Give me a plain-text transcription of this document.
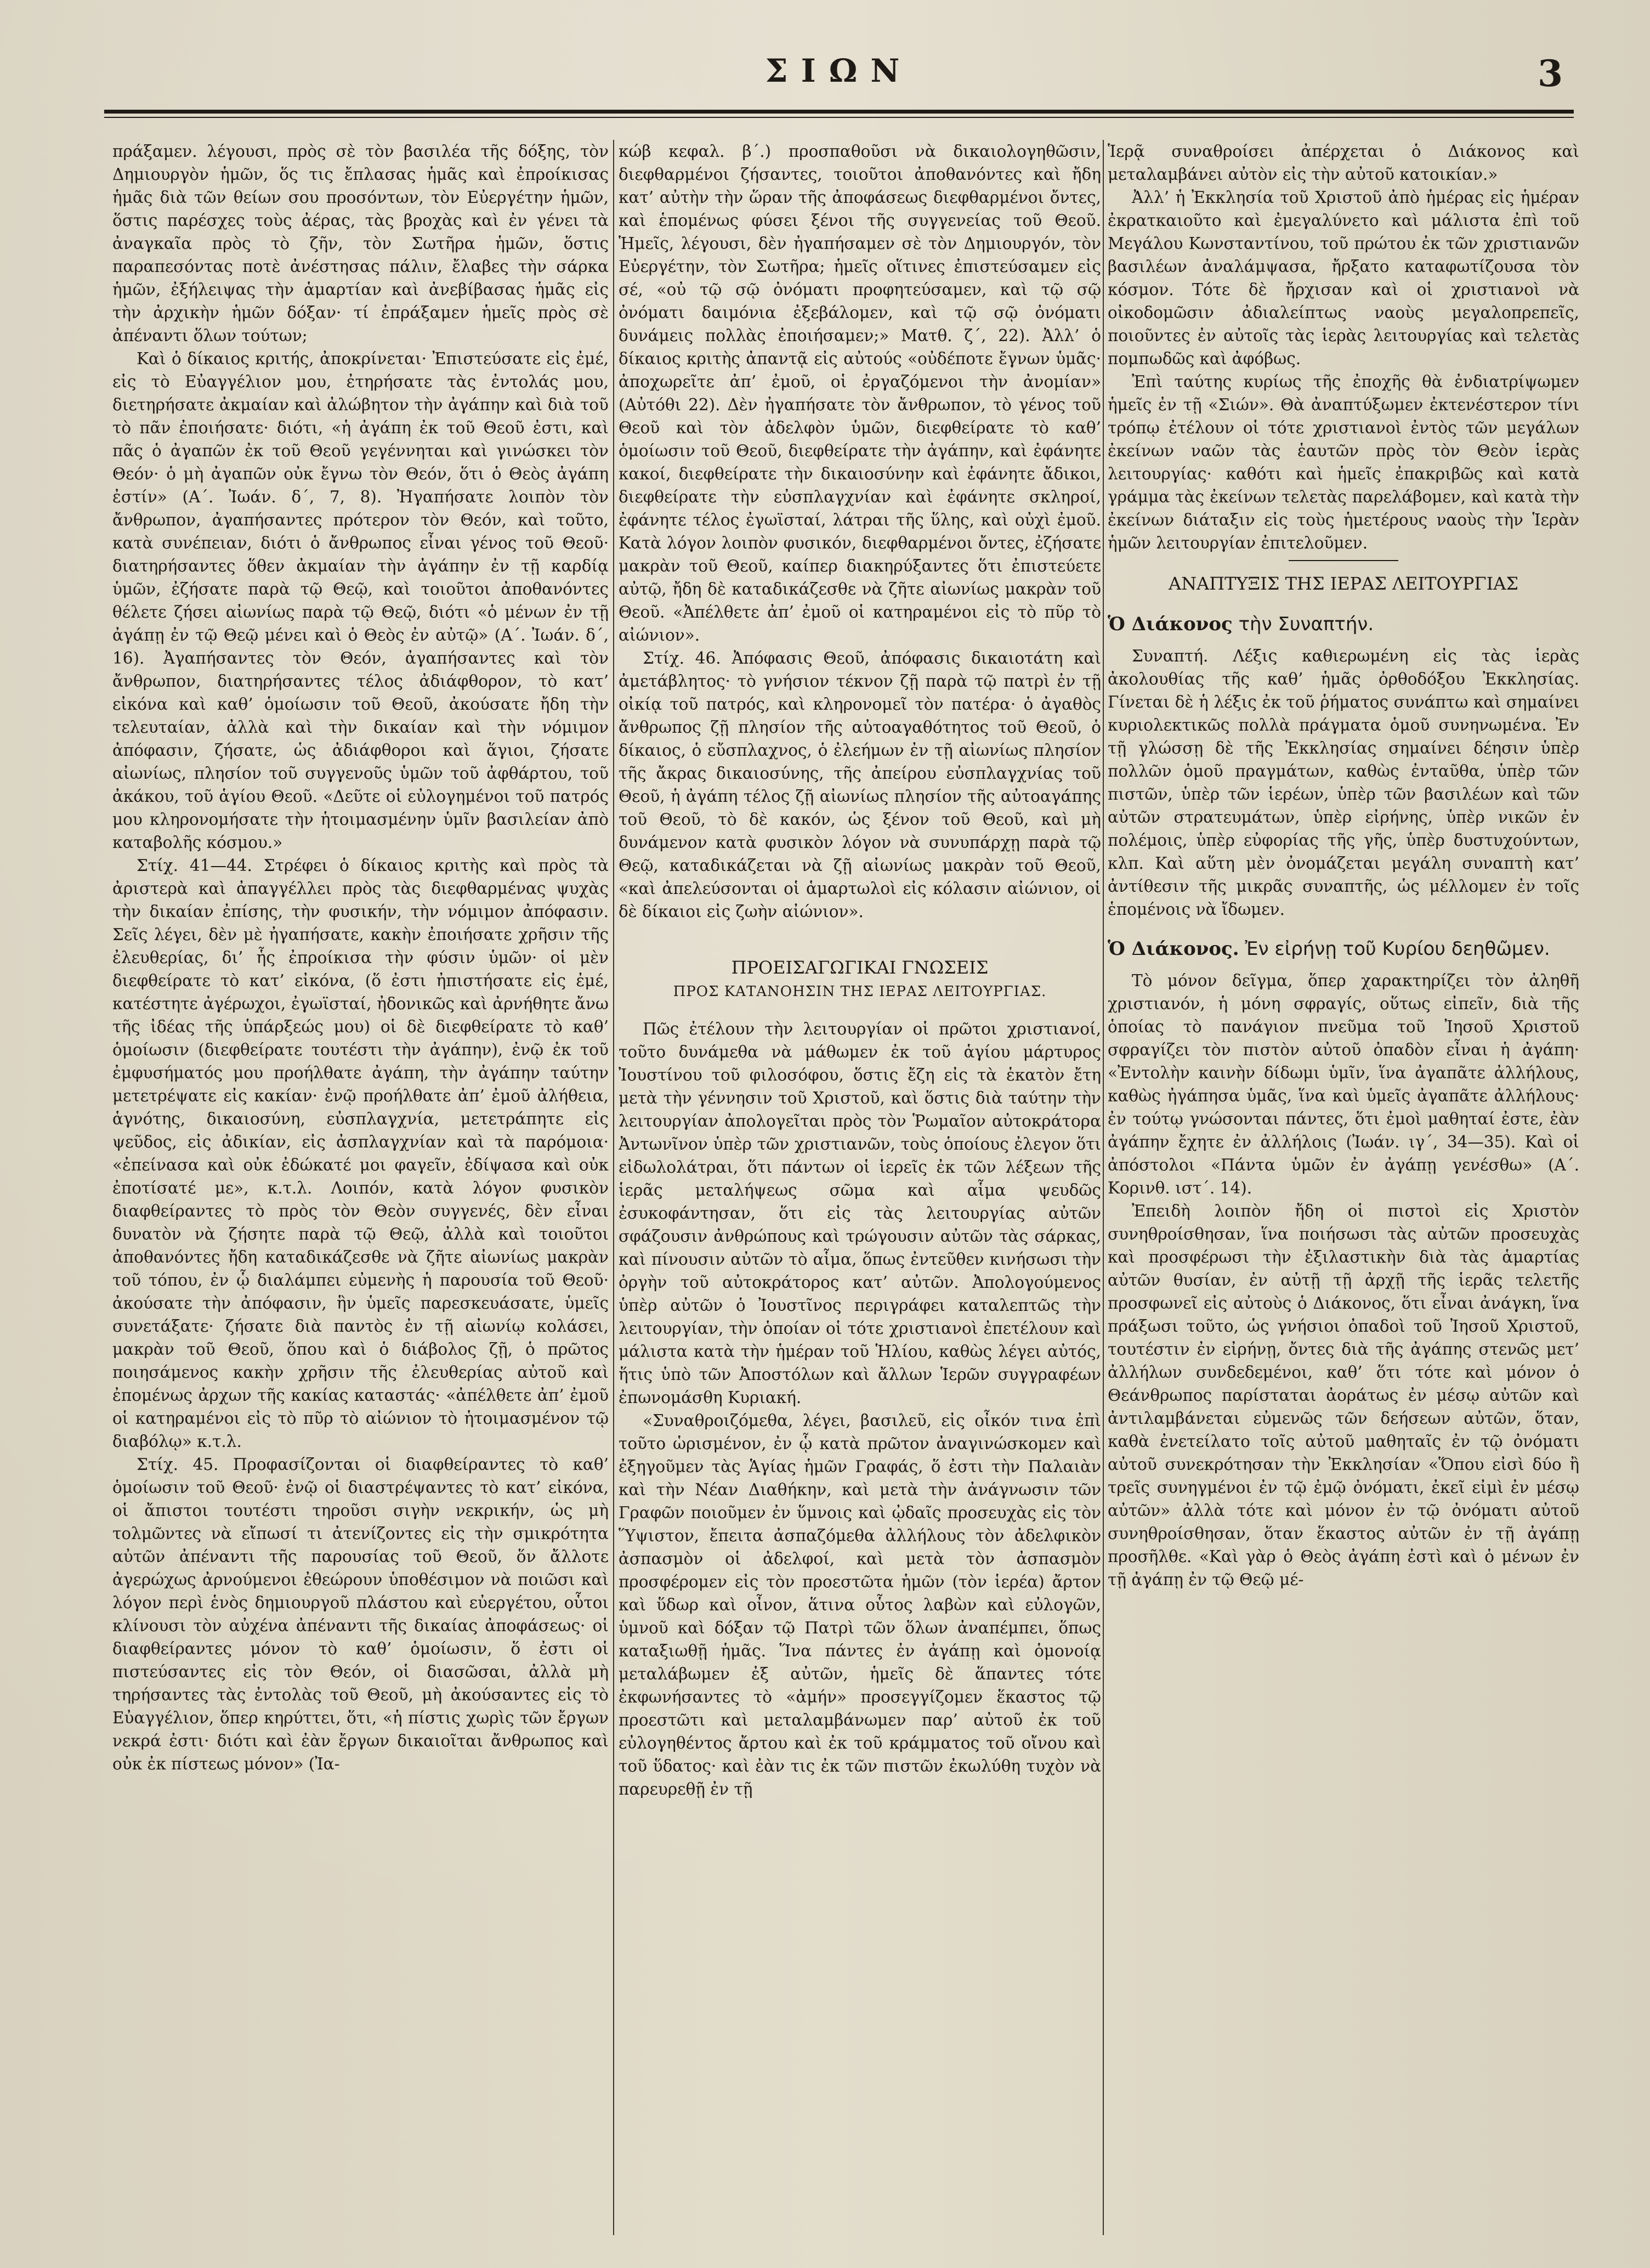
ΣΙΩΝ	3

πράξαμεν. λέγουσι, πρὸς σὲ τὸν βασιλέα τῆς δόξης, τὸν Δημιουργὸν ἡμῶν, ὅς τις ἔπλασας ἡμᾶς καὶ ἐπροίκισας ἡμᾶς διὰ τῶν θείων σου προσόντων, τὸν Εὐεργέτην ἡμῶν, ὅστις παρέσχες τοὺς ἀέρας, τὰς βροχὰς καὶ ἐν γένει τὰ ἀναγκαῖα πρὸς τὸ ζῆν, τὸν Σωτῆρα ἡμῶν, ὅστις παραπεσόντας ποτὲ ἀνέστησας πάλιν, ἔλαβες τὴν σάρκα ἡμῶν, ἐξήλειψας τὴν ἁμαρτίαν καὶ ἀνεβίβασας ἡμᾶς εἰς τὴν ἀρχικὴν ἡμῶν δόξαν· τί ἐπράξαμεν ἡμεῖς πρὸς σὲ ἀπέναντι ὅλων τούτων;

Καὶ ὁ δίκαιος κριτής, ἀποκρίνεται· Ἐπιστεύσατε εἰς ἐμέ, εἰς τὸ Εὐαγγέλιον μου, ἐτηρήσατε τὰς ἐντολάς μου, διετηρήσατε ἀκμαίαν καὶ ἀλώβητον τὴν ἀγάπην καὶ διὰ τοῦ τὸ πᾶν ἐποιήσατε· διότι, «ἡ ἀγάπη ἐκ τοῦ Θεοῦ ἐστι, καὶ πᾶς ὁ ἀγαπῶν ἐκ τοῦ Θεοῦ γεγέννηται καὶ γινώσκει τὸν Θεόν· ὁ μὴ ἀγαπῶν οὐκ ἔγνω τὸν Θεόν, ὅτι ὁ Θεὸς ἀγάπη ἐστίν» (Α΄. Ἰωάν. δ΄, 7, 8). Ἠγαπήσατε λοιπὸν τὸν ἄνθρωπον, ἀγαπήσαντες πρότερον τὸν Θεόν, καὶ τοῦτο, κατὰ συνέπειαν, διότι ὁ ἄνθρωπος εἶναι γένος τοῦ Θεοῦ· διατηρήσαντες ὅθεν ἀκμαίαν τὴν ἀγάπην ἐν τῇ καρδίᾳ ὑμῶν, ἐζήσατε παρὰ τῷ Θεῷ, καὶ τοιοῦτοι ἀποθανόντες θέλετε ζήσει αἰωνίως παρὰ τῷ Θεῷ, διότι «ὁ μένων ἐν τῇ ἀγάπῃ ἐν τῷ Θεῷ μένει καὶ ὁ Θεὸς ἐν αὐτῷ» (Α΄. Ἰωάν. δ΄, 16). Ἀγαπήσαντες τὸν Θεόν, ἀγαπήσαντες καὶ τὸν ἄνθρωπον, διατηρήσαντες τέλος ἀδιάφθορον, τὸ κατ’ εἰκόνα καὶ καθ’ ὁμοίωσιν τοῦ Θεοῦ, ἀκούσατε ἤδη τὴν τελευταίαν, ἀλλὰ καὶ τὴν δικαίαν καὶ τὴν νόμιμον ἀπόφασιν, ζήσατε, ὡς ἀδιάφθοροι καὶ ἅγιοι, ζήσατε αἰωνίως, πλησίον τοῦ συγγενοῦς ὑμῶν τοῦ ἀφθάρτου, τοῦ ἀκάκου, τοῦ ἁγίου Θεοῦ. «Δεῦτε οἱ εὐλογημένοι τοῦ πατρός μου κληρονομήσατε τὴν ἡτοιμασμένην ὑμῖν βασιλείαν ἀπὸ καταβολῆς κόσμου.»

Στίχ. 41—44. Στρέφει ὁ δίκαιος κριτὴς καὶ πρὸς τὰ ἀριστερὰ καὶ ἀπαγγέλλει πρὸς τὰς διεφθαρμένας ψυχὰς τὴν δικαίαν ἐπίσης, τὴν φυσικήν, τὴν νόμιμον ἀπόφασιν. Σεῖς λέγει, δὲν μὲ ἠγαπήσατε, κακὴν ἐποιήσατε χρῆσιν τῆς ἐλευθερίας, δι’ ἧς ἐπροίκισα τὴν φύσιν ὑμῶν· οἱ μὲν διεφθείρατε τὸ κατ’ εἰκόνα, (ὅ ἐστι ἠπιστήσατε εἰς ἐμέ, κατέστητε ἀγέρωχοι, ἐγωϊσταί, ἠδονικῶς καὶ ἀρνήθητε ἄνω τῆς ἰδέας τῆς ὑπάρξεώς μου) οἱ δὲ διεφθείρατε τὸ καθ’ ὁμοίωσιν (διεφθείρατε τουτέστι τὴν ἀγάπην), ἐνῷ ἐκ τοῦ ἐμφυσήματός μου προήλθατε ἀγάπη, τὴν ἀγάπην ταύτην μετετρέψατε εἰς κακίαν· ἐνῷ προήλθατε ἀπ’ ἐμοῦ ἀλήθεια, ἁγνότης, δικαιοσύνη, εὐσπλαγχνία, μετετράπητε εἰς ψεῦδος, εἰς ἀδικίαν, εἰς ἀσπλαγχνίαν καὶ τὰ παρόμοια· «ἐπείνασα καὶ οὐκ ἐδώκατέ μοι φαγεῖν, ἐδίψασα καὶ οὐκ ἐποτίσατέ με», κ.τ.λ. Λοιπόν, κατὰ λόγον φυσικὸν διαφθείραντες τὸ πρὸς τὸν Θεὸν συγγενές, δὲν εἶναι δυνατὸν νὰ ζήσητε παρὰ τῷ Θεῷ, ἀλλὰ καὶ τοιοῦτοι ἀποθανόντες ἤδη καταδικάζεσθε νὰ ζῆτε αἰωνίως μακρὰν τοῦ τόπου, ἐν ᾧ διαλάμπει εὐμενὴς ἡ παρουσία τοῦ Θεοῦ· ἀκούσατε τὴν ἀπόφασιν, ἣν ὑμεῖς παρεσκευάσατε, ὑμεῖς συνετάξατε· ζήσατε διὰ παντὸς ἐν τῇ αἰωνίῳ κολάσει, μακρὰν τοῦ Θεοῦ, ὅπου καὶ ὁ διάβολος ζῇ, ὁ πρῶτος ποιησάμενος κακὴν χρῆσιν τῆς ἐλευθερίας αὐτοῦ καὶ ἐπομένως ἀρχων τῆς κακίας καταστάς· «ἀπέλθετε ἀπ’ ἐμοῦ οἱ κατηραμένοι εἰς τὸ πῦρ τὸ αἰώνιον τὸ ἡτοιμασμένον τῷ διαβόλῳ» κ.τ.λ.

Στίχ. 45. Προφασίζονται οἱ διαφθείραντες τὸ καθ’ ὁμοίωσιν τοῦ Θεοῦ· ἐνῷ οἱ διαστρέψαντες τὸ κατ’ εἰκόνα, οἱ ἄπιστοι τουτέστι τηροῦσι σιγὴν νεκρικήν, ὡς μὴ τολμῶντες νὰ εἴπωσί τι ἀτενίζοντες εἰς τὴν σμικρότητα αὐτῶν ἀπέναντι τῆς παρουσίας τοῦ Θεοῦ, ὅν ἄλλοτε ἀγερώχως ἀρνούμενοι ἐθεώρουν ὑποθέσιμον νὰ ποιῶσι καὶ λόγον περὶ ἑνὸς δημιουργοῦ πλάστου καὶ εὐεργέτου, οὗτοι κλίνουσι τὸν αὐχένα ἀπέναντι τῆς δικαίας ἀποφάσεως· οἱ διαφθείραντες μόνον τὸ καθ’ ὁμοίωσιν, ὅ ἐστι οἱ πιστεύσαντες εἰς τὸν Θεόν, οἱ διασῶσαι, ἀλλὰ μὴ τηρήσαντες τὰς ἐντολὰς τοῦ Θεοῦ, μὴ ἀκούσαντες εἰς τὸ Εὐαγγέλιον, ὅπερ κηρύττει, ὅτι, «ἡ πίστις χωρὶς τῶν ἔργων νεκρά ἐστι· διότι καὶ ἐὰν ἔργων δικαιοῖται ἄνθρωπος καὶ οὐκ ἐκ πίστεως μόνον» (Ἰα-

κώβ κεφαλ. β΄.) προσπαθοῦσι νὰ δικαιολογηθῶσιν, διεφθαρμένοι ζήσαντες, τοιοῦτοι ἀποθανόντες καὶ ἤδη κατ’ αὐτὴν τὴν ὥραν τῆς ἀποφάσεως διεφθαρμένοι ὄντες, καὶ ἑπομένως φύσει ξένοι τῆς συγγενείας τοῦ Θεοῦ. Ἡμεῖς, λέγουσι, δὲν ἠγαπήσαμεν σὲ τὸν Δημιουργόν, τὸν Εὐεργέτην, τὸν Σωτῆρα; ἡμεῖς οἵτινες ἐπιστεύσαμεν εἰς σέ, «οὐ τῷ σῷ ὀνόματι προφητεύσαμεν, καὶ τῷ σῷ ὀνόματι δαιμόνια ἐξεβάλομεν, καὶ τῷ σῷ ὀνόματι δυνάμεις πολλὰς ἐποιήσαμεν;» Ματθ. ζ΄, 22). Ἀλλ’ ὁ δίκαιος κριτὴς ἀπαντᾷ εἰς αὐτούς «οὐδέποτε ἔγνων ὑμᾶς· ἀποχωρεῖτε ἀπ’ ἐμοῦ, οἱ ἐργαζόμενοι τὴν ἀνομίαν» (Αὐτόθι 22). Δὲν ἠγαπήσατε τὸν ἄνθρωπον, τὸ γένος τοῦ Θεοῦ καὶ τὸν ἀδελφὸν ὑμῶν, διεφθείρατε τὸ καθ’ ὁμοίωσιν τοῦ Θεοῦ, διεφθείρατε τὴν ἀγάπην, καὶ ἐφάνητε κακοί, διεφθείρατε τὴν δικαιοσύνην καὶ ἐφάνητε ἄδικοι, διεφθείρατε τὴν εὐσπλαγχνίαν καὶ ἐφάνητε σκληροί, ἐφάνητε τέλος ἐγωϊσταί, λάτραι τῆς ὕλης, καὶ οὐχὶ ἐμοῦ. Κατὰ λόγον λοιπὸν φυσικόν, διεφθαρμένοι ὄντες, ἐζήσατε μακρὰν τοῦ Θεοῦ, καίπερ διακηρύξαντες ὅτι ἐπιστεύετε αὐτῷ, ἤδη δὲ καταδικάζεσθε νὰ ζῆτε αἰωνίως μακρὰν τοῦ Θεοῦ. «Ἀπέλθετε ἀπ’ ἐμοῦ οἱ κατηραμένοι εἰς τὸ πῦρ τὸ αἰώνιον».

Στίχ. 46. Ἀπόφασις Θεοῦ, ἀπόφασις δικαιοτάτη καὶ ἀμετάβλητος· τὸ γνήσιον τέκνον ζῇ παρὰ τῷ πατρὶ ἐν τῇ οἰκίᾳ τοῦ πατρός, καὶ κληρονομεῖ τὸν πατέρα· ὁ ἀγαθὸς ἄνθρωπος ζῇ πλησίον τῆς αὐτοαγαθότητος τοῦ Θεοῦ, ὁ δίκαιος, ὁ εὔσπλαχνος, ὁ ἐλεήμων ἐν τῇ αἰωνίως πλησίον τῆς ἄκρας δικαιοσύνης, τῆς ἀπείρου εὐσπλαγχνίας τοῦ Θεοῦ, ἡ ἀγάπη τέλος ζῇ αἰωνίως πλησίον τῆς αὐτοαγάπης τοῦ Θεοῦ, τὸ δὲ κακόν, ὡς ξένον τοῦ Θεοῦ, καὶ μὴ δυνάμενον κατὰ φυσικὸν λόγον νὰ συνυπάρχῃ παρὰ τῷ Θεῷ, καταδικάζεται νὰ ζῇ αἰωνίως μακρὰν τοῦ Θεοῦ, «καὶ ἀπελεύσονται οἱ ἁμαρτωλοὶ εἰς κόλασιν αἰώνιον, οἱ δὲ δίκαιοι εἰς ζωὴν αἰώνιον».

ΠΡΟΕΙΣΑΓΩΓΙΚΑΙ ΓΝΩΣΕΙΣ
ΠΡΟΣ ΚΑΤΑΝΟΗΣΙΝ ΤΗΣ ΙΕΡΑΣ ΛΕΙΤΟΥΡΓΙΑΣ.

Πῶς ἐτέλουν τὴν λειτουργίαν οἱ πρῶτοι χριστιανοί, τοῦτο δυνάμεθα νὰ μάθωμεν ἐκ τοῦ ἁγίου μάρτυρος Ἰουστίνου τοῦ φιλοσόφου, ὅστις ἔζη εἰς τὰ ἑκατὸν ἔτη μετὰ τὴν γέννησιν τοῦ Χριστοῦ, καὶ ὅστις διὰ ταύτην τὴν λειτουργίαν ἀπολογεῖται πρὸς τὸν Ῥωμαῖον αὐτοκράτορα Ἀντωνῖνον ὑπὲρ τῶν χριστιανῶν, τοὺς ὁποίους ἐλεγον ὅτι εἰδωλολάτραι, ὅτι πάντων οἱ ἱερεῖς ἐκ τῶν λέξεων τῆς ἱερᾶς μεταλήψεως σῶμα καὶ αἷμα ψευδῶς ἐσυκοφάντησαν, ὅτι εἰς τὰς λειτουργίας αὐτῶν σφάζουσιν ἀνθρώπους καὶ τρώγουσιν αὐτῶν τὰς σάρκας, καὶ πίνουσιν αὐτῶν τὸ αἷμα, ὅπως ἐντεῦθεν κινήσωσι τὴν ὀργὴν τοῦ αὐτοκράτορος κατ’ αὐτῶν. Ἀπολογούμενος ὑπὲρ αὐτῶν ὁ Ἰουστῖνος περιγράφει καταλεπτῶς τὴν λειτουργίαν, τὴν ὁποίαν οἱ τότε χριστιανοὶ ἐπετέλουν καὶ μάλιστα κατὰ τὴν ἡμέραν τοῦ Ἡλίου, καθὼς λέγει αὐτός, ἥτις ὑπὸ τῶν Ἀποστόλων καὶ ἄλλων Ἱερῶν συγγραφέων ἐπωνομάσθη Κυριακή.

«Συναθροιζόμεθα, λέγει, βασιλεῦ, εἰς οἶκόν τινα ἐπὶ τοῦτο ὡρισμένον, ἐν ᾧ κατὰ πρῶτον ἀναγινώσκομεν καὶ ἐξηγοῦμεν τὰς Ἁγίας ἡμῶν Γραφάς, ὅ ἐστι τὴν Παλαιὰν καὶ τὴν Νέαν Διαθήκην, καὶ μετὰ τὴν ἀνάγνωσιν τῶν Γραφῶν ποιοῦμεν ἐν ὕμνοις καὶ ᾠδαῖς προσευχὰς εἰς τὸν Ὕψιστον, ἔπειτα ἀσπαζόμεθα ἀλλήλους τὸν ἀδελφικὸν ἀσπασμὸν οἱ ἀδελφοί, καὶ μετὰ τὸν ἀσπασμὸν προσφέρομεν εἰς τὸν προεστῶτα ἡμῶν (τὸν ἱερέα) ἄρτον καὶ ὕδωρ καὶ οἶνον, ἅτινα οὗτος λαβὼν καὶ εὐλογῶν, ὑμνοῦ καὶ δόξαν τῷ Πατρὶ τῶν ὅλων ἀναπέμπει, ὅπως καταξιωθῇ ἡμᾶς. Ἵνα πάντες ἐν ἀγάπῃ καὶ ὁμονοίᾳ μεταλάβωμεν ἐξ αὐτῶν, ἡμεῖς δὲ ἅπαντες τότε ἐκφωνήσαντες τὸ «ἀμήν» προσεγγίζομεν ἕκαστος τῷ προεστῶτι καὶ μεταλαμβάνωμεν παρ’ αὐτοῦ ἐκ τοῦ εὐλογηθέντος ἄρτου καὶ ἐκ τοῦ κράμματος τοῦ οἴνου καὶ τοῦ ὕδατος· καὶ ἐὰν τις ἐκ τῶν πιστῶν ἐκωλύθη τυχὸν νὰ παρευρεθῇ ἐν τῇ

Ἱερᾷ συναθροίσει ἀπέρχεται ὁ Διάκονος καὶ μεταλαμβάνει αὐτὸν εἰς τὴν αὐτοῦ κατοικίαν.»

Ἀλλ’ ἡ Ἐκκλησία τοῦ Χριστοῦ ἀπὸ ἡμέρας εἰς ἡμέραν ἐκρατκαιοῦτο καὶ ἐμεγαλύνετο καὶ μάλιστα ἐπὶ τοῦ Μεγάλου Κωνσταντίνου, τοῦ πρώτου ἐκ τῶν χριστιανῶν βασιλέων ἀναλάμψασα, ἤρξατο καταφωτίζουσα τὸν κόσμον. Τότε δὲ ἤρχισαν καὶ οἱ χριστιανοὶ νὰ οἰκοδομῶσιν ἀδιαλείπτως ναοὺς μεγαλοπρεπεῖς, ποιοῦντες ἐν αὐτοῖς τὰς ἱερὰς λειτουργίας καὶ τελετὰς πομπωδῶς καὶ ἀφόβως.

Ἐπὶ ταύτης κυρίως τῆς ἐποχῆς θὰ ἐνδιατρίψωμεν ἡμεῖς ἐν τῇ «Σιών». Θὰ ἀναπτύξωμεν ἐκτενέστερον τίνι τρόπῳ ἐτέλουν οἱ τότε χριστιανοὶ ἐντὸς τῶν μεγάλων ἐκείνων ναῶν τὰς ἑαυτῶν πρὸς τὸν Θεὸν ἱερὰς λειτουργίας· καθότι καὶ ἡμεῖς ἐπακριβῶς καὶ κατὰ γράμμα τὰς ἐκείνων τελετὰς παρελάβομεν, καὶ κατὰ τὴν ἐκείνων διάταξιν εἰς τοὺς ἡμετέρους ναοὺς τὴν Ἱερὰν ἡμῶν λειτουργίαν ἐπιτελοῦμεν.

ΑΝΑΠΤΥΞΙΣ ΤΗΣ ΙΕΡΑΣ ΛΕΙΤΟΥΡΓΙΑΣ
Ὁ Διάκονος τὴν Συναπτήν.

Συναπτή. Λέξις καθιερωμένη εἰς τὰς ἱερὰς ἀκολουθίας τῆς καθ’ ἡμᾶς ὀρθοδόξου Ἐκκλησίας. Γίνεται δὲ ἡ λέξις ἐκ τοῦ ῥήματος συνάπτω καὶ σημαίνει κυριολεκτικῶς πολλὰ πράγματα ὁμοῦ συνηνωμένα. Ἐν τῇ γλώσσῃ δὲ τῆς Ἐκκλησίας σημαίνει δέησιν ὑπὲρ πολλῶν ὁμοῦ πραγμάτων, καθὼς ἐνταῦθα, ὑπὲρ τῶν πιστῶν, ὑπὲρ τῶν ἱερέων, ὑπὲρ τῶν βασιλέων καὶ τῶν αὐτῶν στρατευμάτων, ὑπὲρ εἰρήνης, ὑπὲρ νικῶν ἐν πολέμοις, ὑπὲρ εὐφορίας τῆς γῆς, ὑπὲρ δυστυχούντων, κλπ. Καὶ αὕτη μὲν ὀνομάζεται μεγάλη συναπτὴ κατ’ ἀντίθεσιν τῆς μικρᾶς συναπτῆς, ὡς μέλλομεν ἐν τοῖς ἑπομένοις νὰ ἴδωμεν.

Ὁ Διάκονος. Ἐν εἰρήνῃ τοῦ Κυρίου δεηθῶμεν.

Τὸ μόνον δεῖγμα, ὅπερ χαρακτηρίζει τὸν ἀληθῆ χριστιανόν, ἡ μόνη σφραγίς, οὕτως εἰπεῖν, διὰ τῆς ὁποίας τὸ πανάγιον πνεῦμα τοῦ Ἰησοῦ Χριστοῦ σφραγίζει τὸν πιστὸν αὐτοῦ ὀπαδὸν εἶναι ἡ ἀγάπη· «Ἐντολὴν καινὴν δίδωμι ὑμῖν, ἵνα ἀγαπᾶτε ἀλλήλους, καθὼς ἠγάπησα ὑμᾶς, ἵνα καὶ ὑμεῖς ἀγαπᾶτε ἀλλήλους· ἐν τούτῳ γνώσονται πάντες, ὅτι ἐμοὶ μαθηταί ἐστε, ἐὰν ἀγάπην ἔχητε ἐν ἀλλήλοις (Ἰωάν. ιγ΄, 34—35). Καὶ οἱ ἀπόστολοι «Πάντα ὑμῶν ἐν ἀγάπῃ γενέσθω» (Α΄. Κορινθ. ιστ΄. 14).

Ἐπειδὴ λοιπὸν ἤδη οἱ πιστοὶ εἰς Χριστὸν συνηθροίσθησαν, ἵνα ποιήσωσι τὰς αὐτῶν προσευχὰς καὶ προσφέρωσι τὴν ἐξιλαστικὴν διὰ τὰς ἁμαρτίας αὐτῶν θυσίαν, ἐν αὐτῇ τῇ ἀρχῇ τῆς ἱερᾶς τελετῆς προσφωνεῖ εἰς αὐτοὺς ὁ Διάκονος, ὅτι εἶναι ἀνάγκη, ἵνα πράξωσι τοῦτο, ὡς γνήσιοι ὀπαδοὶ τοῦ Ἰησοῦ Χριστοῦ, τουτέστιν ἐν εἰρήνῃ, ὄντες διὰ τῆς ἀγάπης στενῶς μετ’ ἀλλήλων συνδεδεμένοι, καθ’ ὅτι τότε καὶ μόνον ὁ Θεάνθρωπος παρίσταται ἀοράτως ἐν μέσῳ αὐτῶν καὶ ἀντιλαμβάνεται εὐμενῶς τῶν δεήσεων αὐτῶν, ὅταν, καθὰ ἐνετείλατο τοῖς αὐτοῦ μαθηταῖς ἐν τῷ ὀνόματι αὐτοῦ συνεκρότησαν τὴν Ἐκκλησίαν «Ὅπου εἰσὶ δύο ἢ τρεῖς συνηγμένοι ἐν τῷ ἐμῷ ὀνόματι, ἐκεῖ εἰμὶ ἐν μέσῳ αὐτῶν» ἀλλὰ τότε καὶ μόνον ἐν τῷ ὀνόματι αὐτοῦ συνηθροίσθησαν, ὅταν ἕκαστος αὐτῶν ἐν τῇ ἀγάπῃ προσῆλθε. «Καὶ γὰρ ὁ Θεὸς ἀγάπη ἐστὶ καὶ ὁ μένων ἐν τῇ ἀγάπῃ ἐν τῷ Θεῷ μέ-
